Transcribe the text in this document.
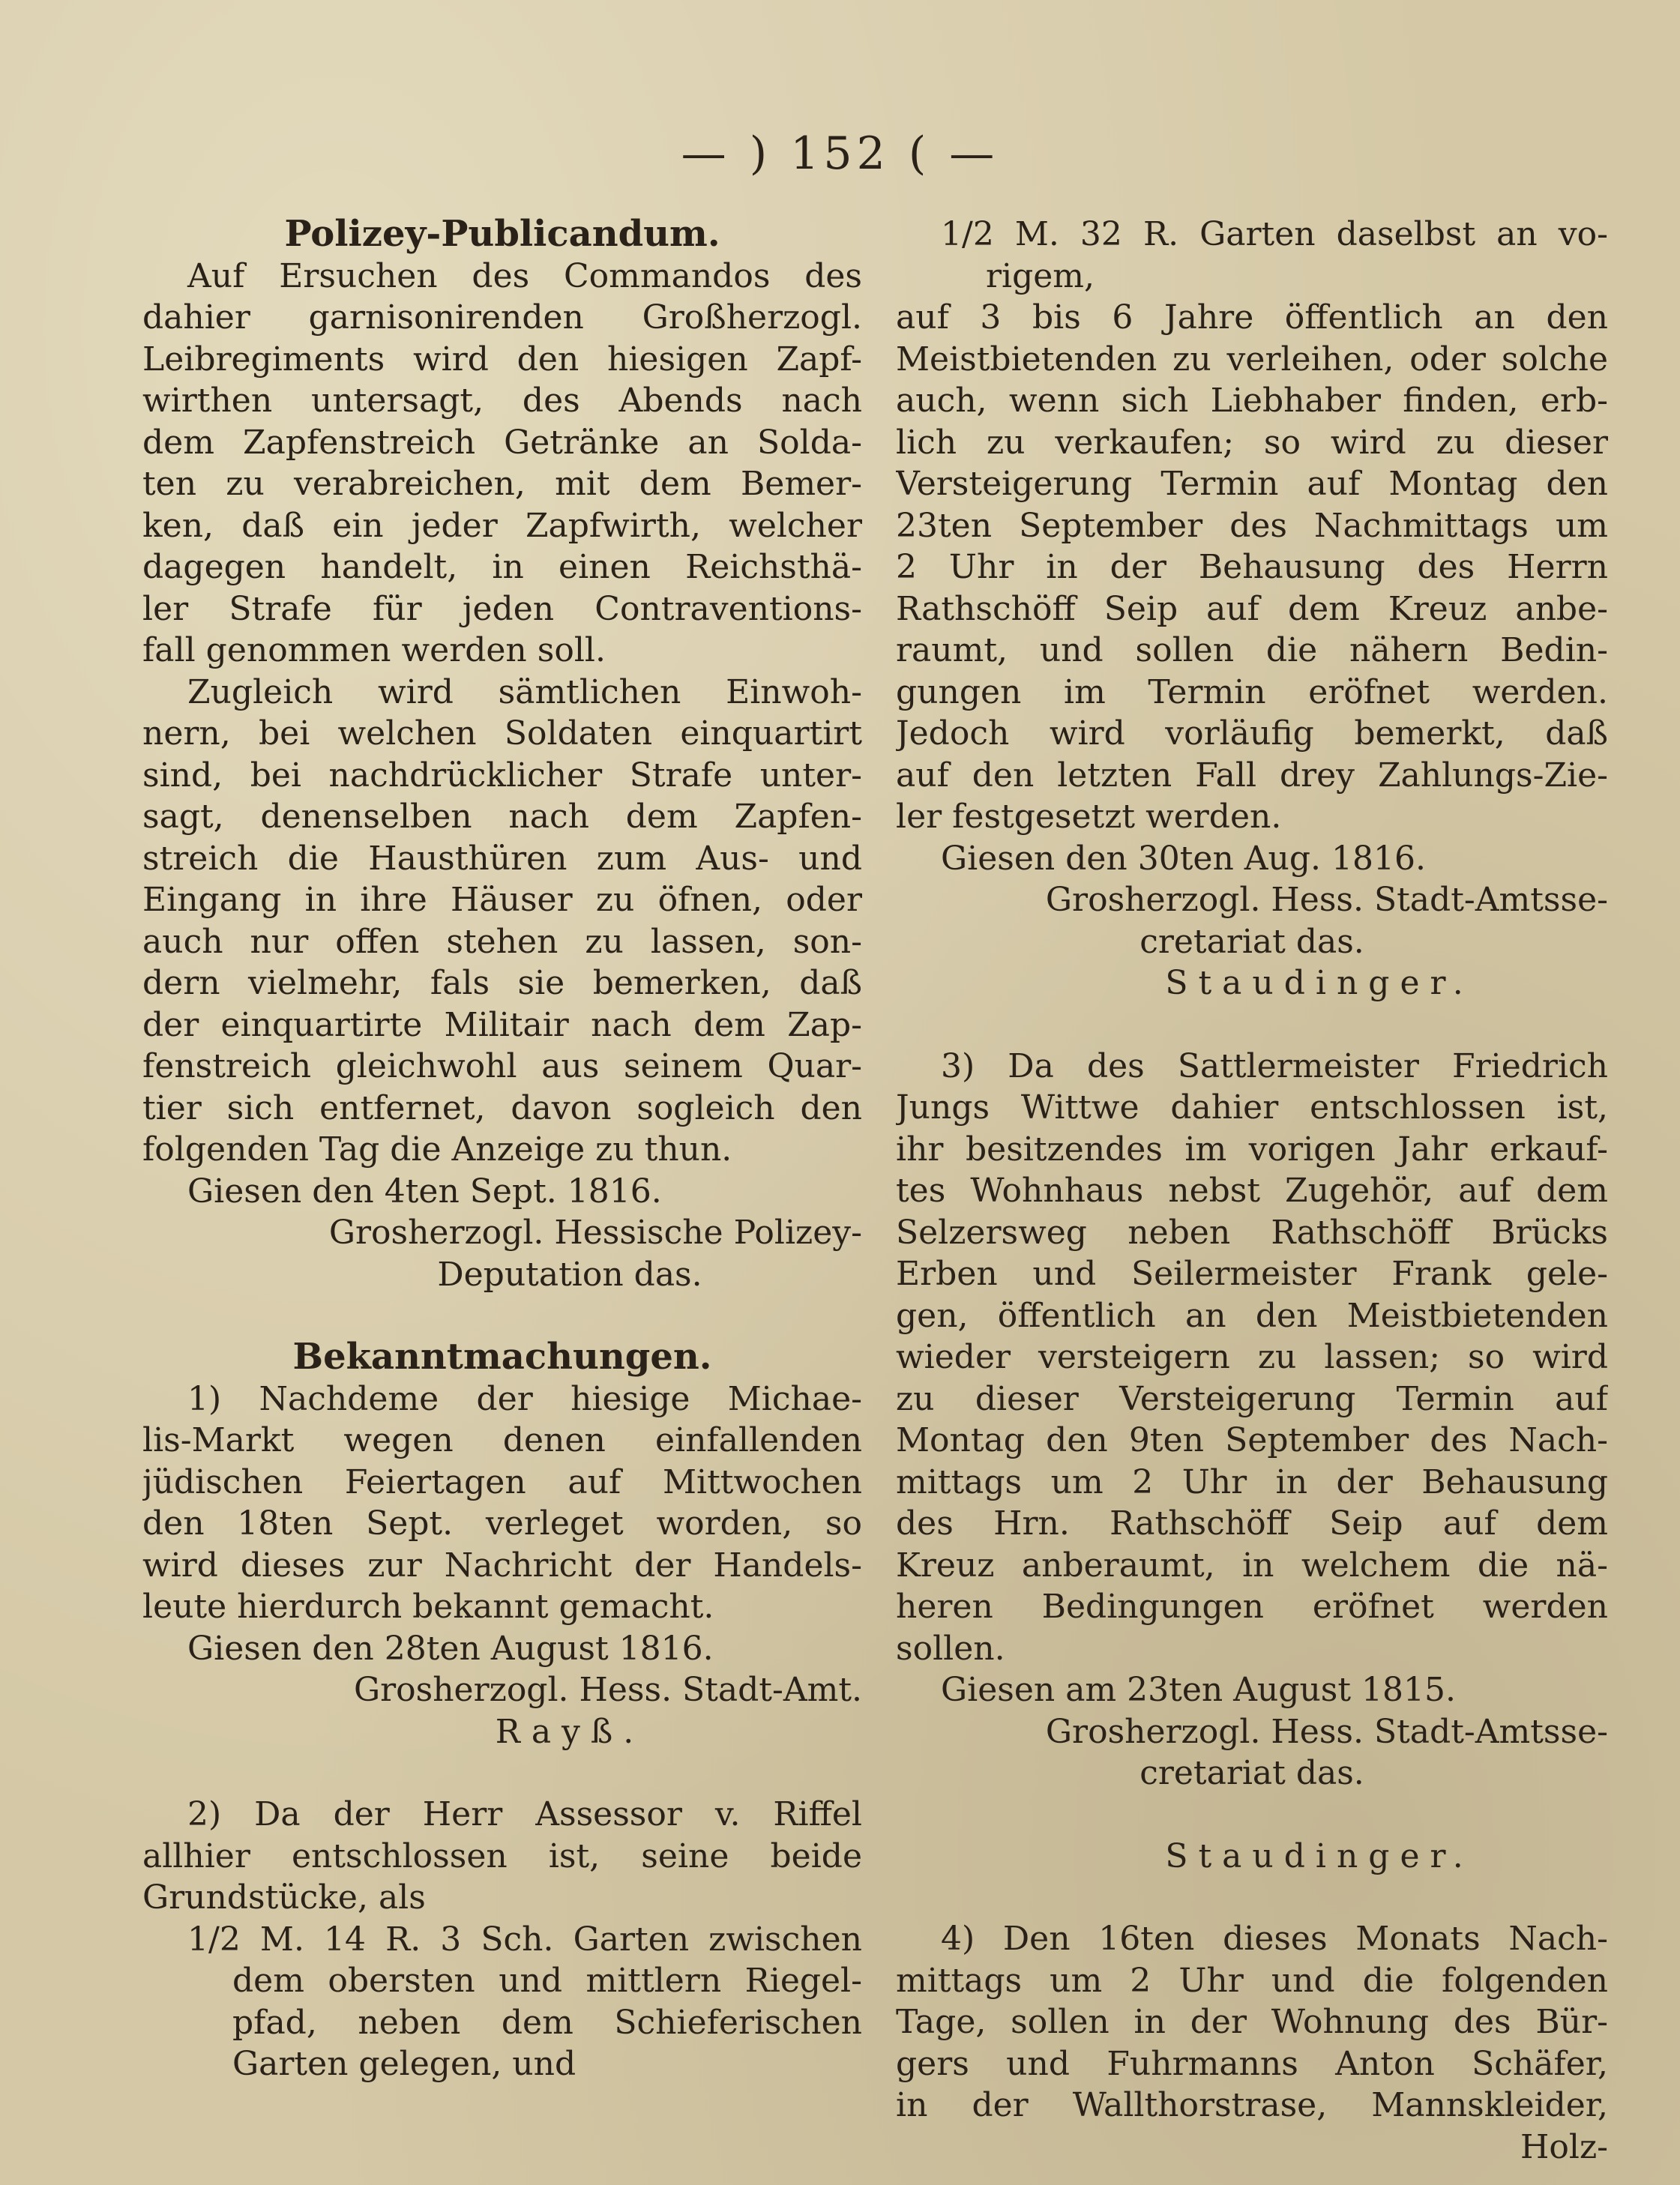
— ) 152 ( —
Polizey-Publicandum.
Auf Ersuchen des Commandos des
dahier garnisonirenden Großherzogl.
Leibregiments wird den hiesigen Zapf-
wirthen untersagt, des Abends nach
dem Zapfenstreich Getränke an Solda-
ten zu verabreichen, mit dem Bemer-
ken, daß ein jeder Zapfwirth, welcher
dagegen handelt, in einen Reichsthä-
ler Strafe für jeden Contraventions-
fall genommen werden soll.
Zugleich wird sämtlichen Einwoh-
nern, bei welchen Soldaten einquartirt
sind, bei nachdrücklicher Strafe unter-
sagt, denenselben nach dem Zapfen-
streich die Hausthüren zum Aus- und
Eingang in ihre Häuser zu öfnen, oder
auch nur offen stehen zu lassen, son-
dern vielmehr, fals sie bemerken, daß
der einquartirte Militair nach dem Zap-
fenstreich gleichwohl aus seinem Quar-
tier sich entfernet, davon sogleich den
folgenden Tag die Anzeige zu thun.
Giesen den 4ten Sept. 1816.
Grosherzogl. Hessische Polizey-
Deputation das.
Bekanntmachungen.
1) Nachdeme der hiesige Michae-
lis-Markt wegen denen einfallenden
jüdischen Feiertagen auf Mittwochen
den 18ten Sept. verleget worden, so
wird dieses zur Nachricht der Handels-
leute hierdurch bekannt gemacht.
Giesen den 28ten August 1816.
Grosherzogl. Hess. Stadt-Amt.
Rayß.
2) Da der Herr Assessor v. Riffel
allhier entschlossen ist, seine beide
Grundstücke, als
1/2 M. 14 R. 3 Sch. Garten zwischen
dem obersten und mittlern Riegel-
pfad, neben dem Schieferischen
Garten gelegen, und
1/2 M. 32 R. Garten daselbst an vo-
rigem,
auf 3 bis 6 Jahre öffentlich an den
Meistbietenden zu verleihen, oder solche
auch, wenn sich Liebhaber finden, erb-
lich zu verkaufen; so wird zu dieser
Versteigerung Termin auf Montag den
23ten September des Nachmittags um
2 Uhr in der Behausung des Herrn
Rathschöff Seip auf dem Kreuz anbe-
raumt, und sollen die nähern Bedin-
gungen im Termin eröfnet werden.
Jedoch wird vorläufig bemerkt, daß
auf den letzten Fall drey Zahlungs-Zie-
ler festgesetzt werden.
Giesen den 30ten Aug. 1816.
Grosherzogl. Hess. Stadt-Amtsse-
cretariat das.
Staudinger.
3) Da des Sattlermeister Friedrich
Jungs Wittwe dahier entschlossen ist,
ihr besitzendes im vorigen Jahr erkauf-
tes Wohnhaus nebst Zugehör, auf dem
Selzersweg neben Rathschöff Brücks
Erben und Seilermeister Frank gele-
gen, öffentlich an den Meistbietenden
wieder versteigern zu lassen; so wird
zu dieser Versteigerung Termin auf
Montag den 9ten September des Nach-
mittags um 2 Uhr in der Behausung
des Hrn. Rathschöff Seip auf dem
Kreuz anberaumt, in welchem die nä-
heren Bedingungen eröfnet werden
sollen.
Giesen am 23ten August 1815.
Grosherzogl. Hess. Stadt-Amtsse-
cretariat das.
Staudinger.
4) Den 16ten dieses Monats Nach-
mittags um 2 Uhr und die folgenden
Tage, sollen in der Wohnung des Bür-
gers und Fuhrmanns Anton Schäfer,
in der Wallthorstrase, Mannskleider,
Holz-
